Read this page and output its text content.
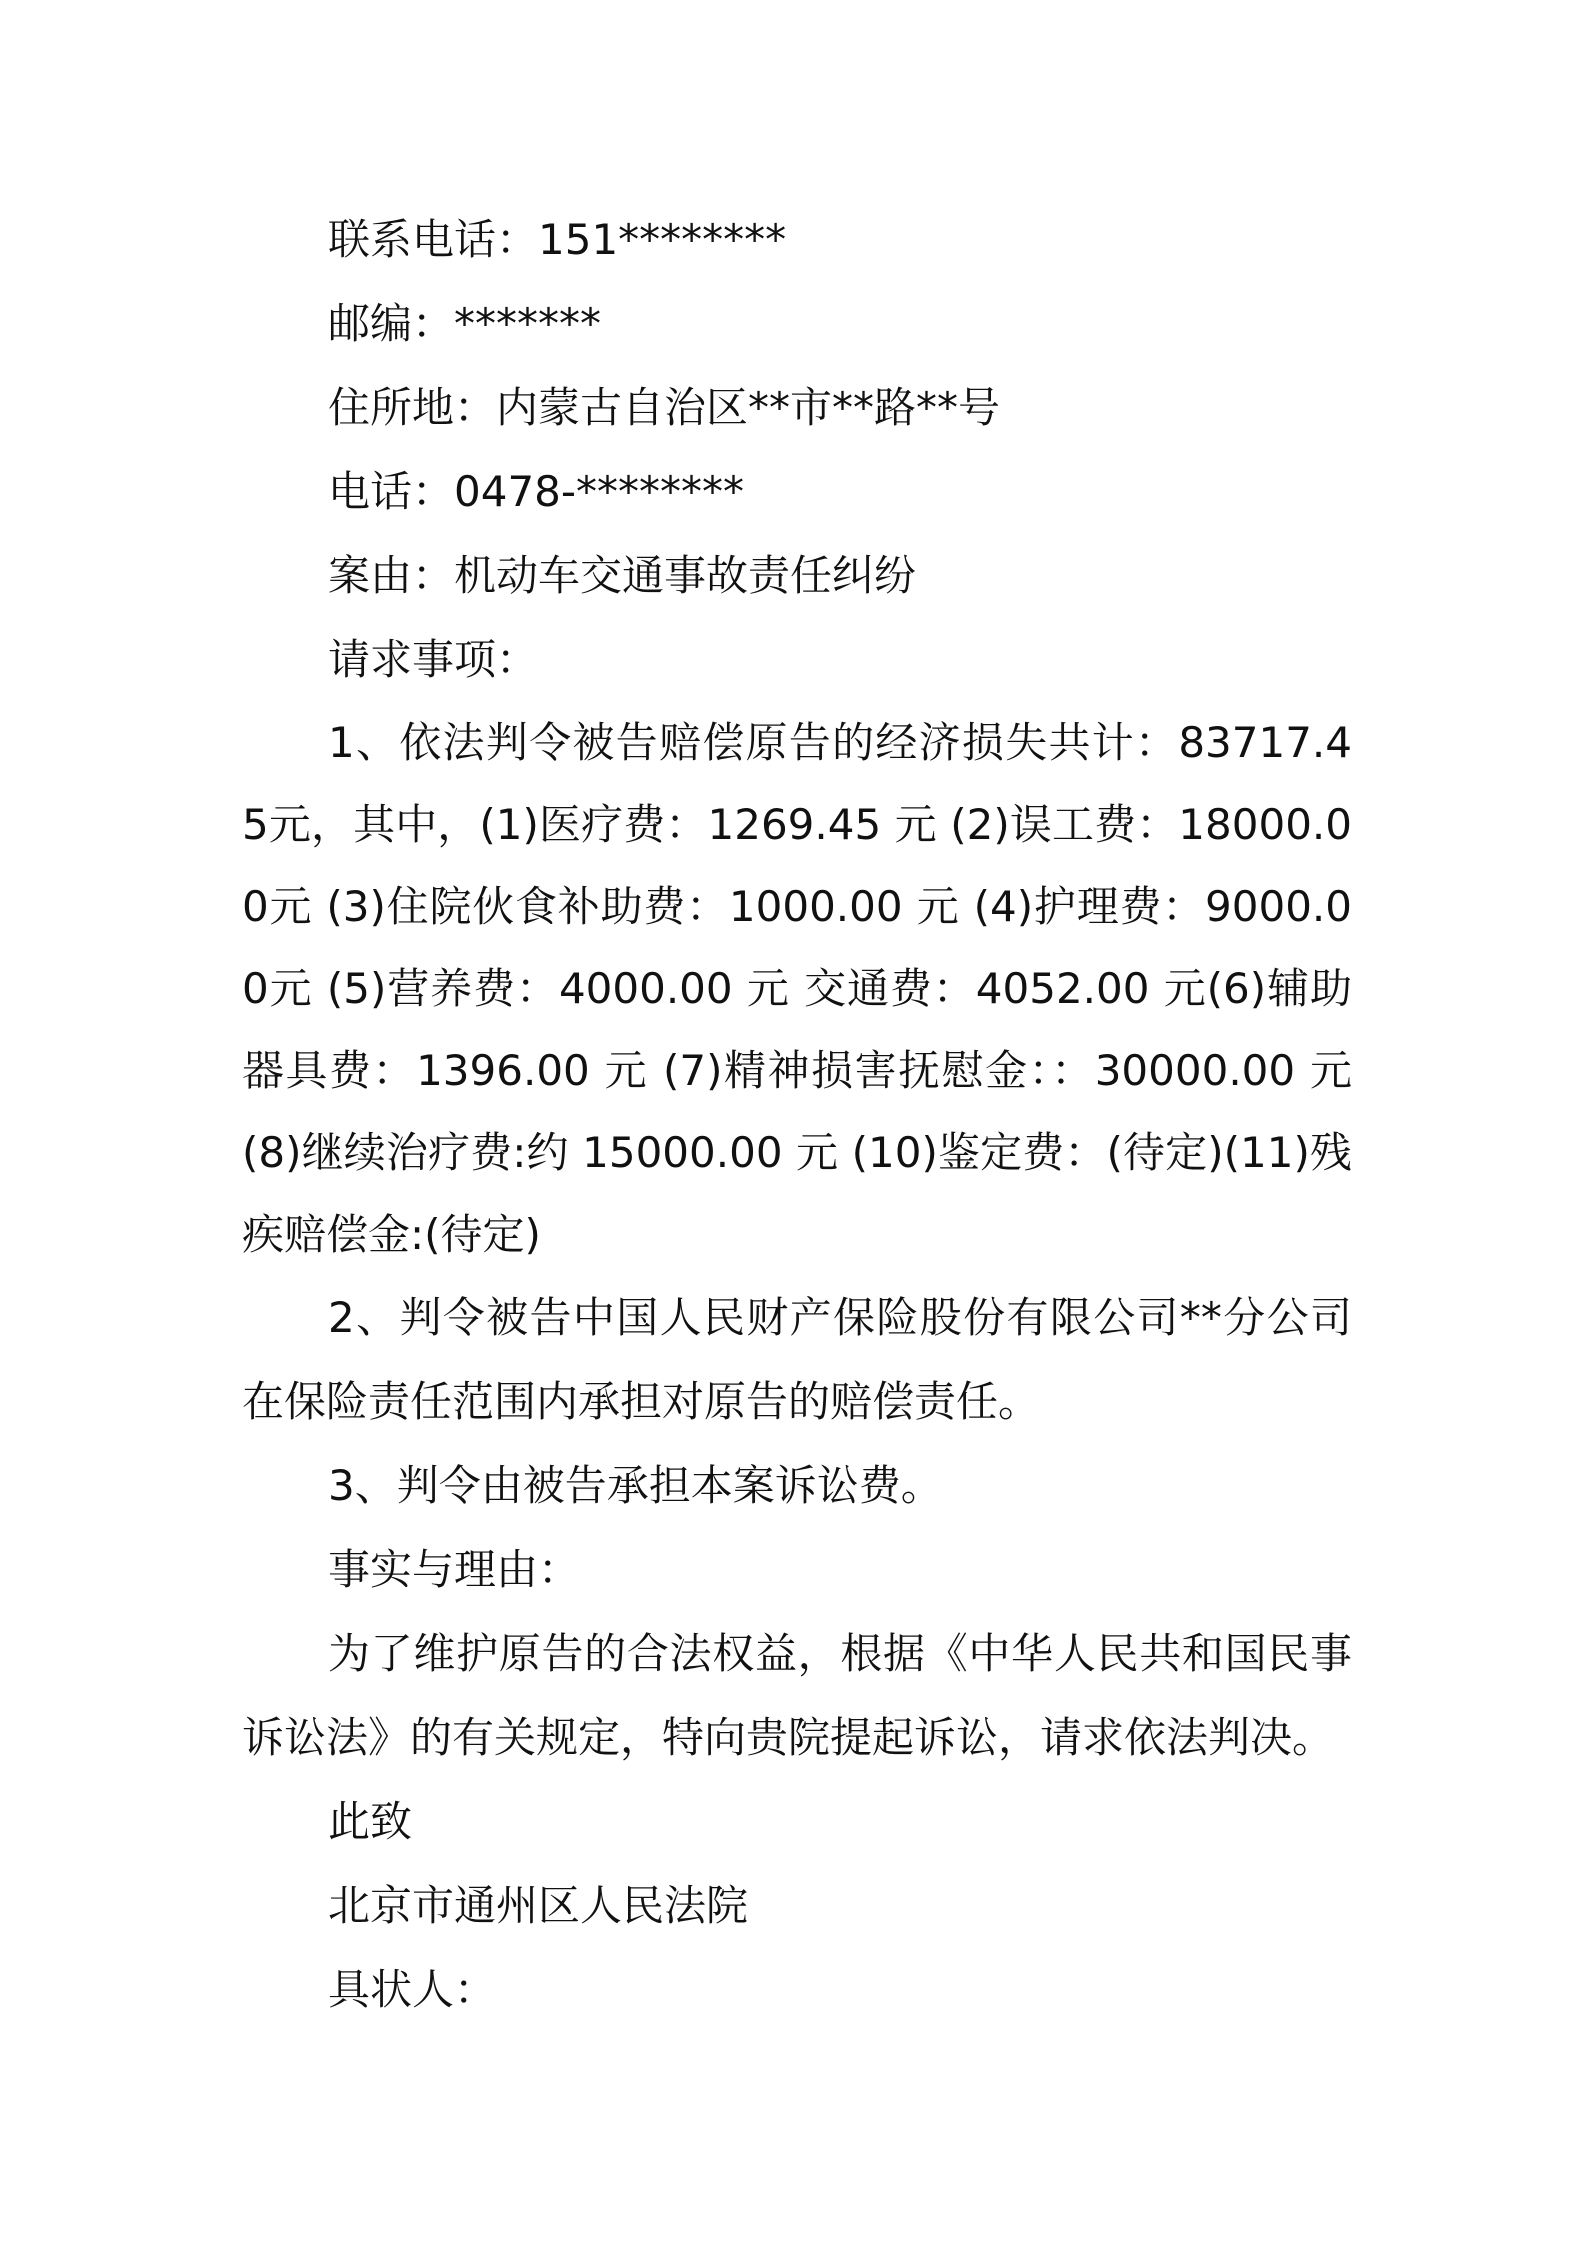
联系电话：151********
邮编：*******
住所地：内蒙古自治区**市**路**号
电话：0478-********
案由：机动车交通事故责任纠纷
请求事项：

1、依法判令被告赔偿原告的经济损失共计：83717.45元，其中，(1)医疗费：1269.45 元 (2)误工费：18000.00元 (3)住院伙食补助费：1000.00 元 (4)护理费：9000.00元 (5)营养费：4000.00 元 交通费：4052.00 元(6)辅助器具费：1396.00 元 (7)精神损害抚慰金：：30000.00 元 (8)继续治疗费:约 15000.00 元 (10)鉴定费：(待定)(11)残疾赔偿金:(待定)

2、判令被告中国人民财产保险股份有限公司**分公司在保险责任范围内承担对原告的赔偿责任。

3、判令由被告承担本案诉讼费。

事实与理由：

为了维护原告的合法权益，根据《中华人民共和国民事诉讼法》的有关规定，特向贵院提起诉讼，请求依法判决。

此致
北京市通州区人民法院
具状人：
